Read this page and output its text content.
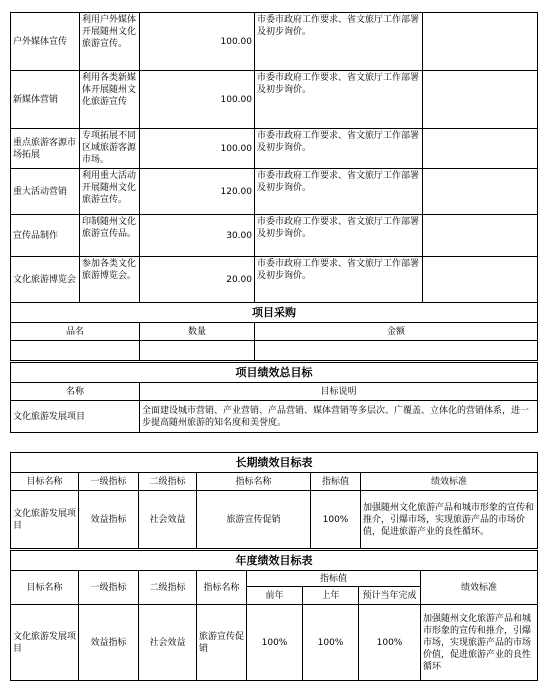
户外媒体宣传	利用户外媒体开展随州文化旅游宣传。	100.00	市委市政府工作要求、省文旅厅工作部署及初步询价。	
新媒体营销	利用各类新媒体开展随州文化旅游宣传	100.00	市委市政府工作要求、省文旅厅工作部署及初步询价。	
重点旅游客源市场拓展	专项拓展不同区域旅游客源市场。	100.00	市委市政府工作要求、省文旅厅工作部署及初步询价。	
重大活动营销	利用重大活动开展随州文化旅游宣传。	120.00	市委市政府工作要求、省文旅厅工作部署及初步询价。	
宣传品制作	印制随州文化旅游宣传品。	30.00	市委市政府工作要求、省文旅厅工作部署及初步询价。	
文化旅游博览会	参加各类文化旅游博览会。	20.00	市委市政府工作要求、省文旅厅工作部署及初步询价。	
项目采购		
品名	数量	金额

项目绩效总目标	
名称	目标说明
文化旅游发展项目	全面建设城市营销、产业营销、产品营销、媒体营销等多层次、广覆盖、立体化的营销体系，进一步提高随州旅游的知名度和美誉度。
长期绩效目标表					
目标名称	一级指标	二级指标	指标名称	指标值	绩效标准
文化旅游发展项目	效益指标	社会效益	旅游宣传促销	100%	加强随州文化旅游产品和城市形象的宣传和推介，引爆市场，实现旅游产品的市场价值，促进旅游产业的良性循环。
年度绩效目标表							
目标名称	一级指标	二级指标	指标名称	指标值			绩效标准
				前年	上年	预计当年完成	
文化旅游发展项目	效益指标	社会效益	旅游宣传促销	100%	100%	100%	加强随州文化旅游产品和城市形象的宣传和推介，引爆市场，实现旅游产品的市场价值，促进旅游产业的良性循环
